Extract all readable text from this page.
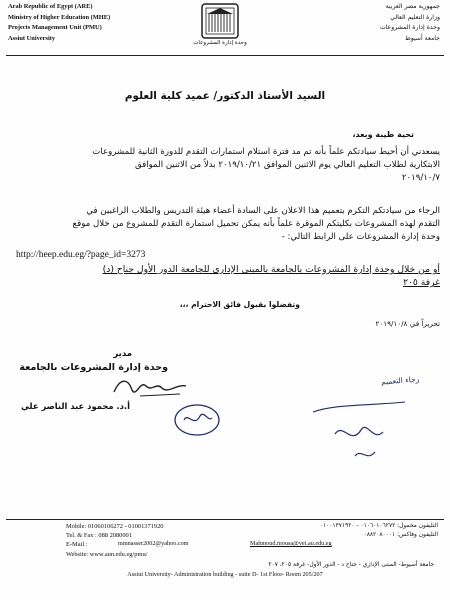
Arab Republic of Egypt (ARE)
Ministry of Higher Education (MHE)
Projects Management Unit (PMU)
Assiut University
وحدة إدارة المشروعات
جمهورية مصر العربية
وزارة التعليم العالي
وحدة إدارة المشروعات
جامعة أسيوط
السيد الأستاذ الدكتور/ عميد كلية العلوم
تحية طيبة وبعد،
يسعدني أن أحيط سيادتكم علماً بأنه تم مد فترة استلام استمارات التقدم للدورة الثانية للمشروعات
الابتكارية لطلاب التعليم العالي يوم الاثنين الموافق ٢٠١٩/١٠/٢١ بدلاً من الاثنين الموافق
٢٠١٩/١٠/٧
الرجاء من سيادتكم التكرم بتعميم هذا الاعلان على السادة أعضاء هيئة التدريس والطلاب الراغبين في
التقدم لهذه المشروعات بكليتكم الموقرة علماً بأنه يمكن تحميل استمارة التقدم للمشروع من خلال موقع
وحدة إدارة المشروعات على الرابط التالي: -
http://heep.edu.eg/?page_id=3273
أو من خلال وحدة إدارة المشروعات بالجامعة بالمبنى الإداري للجامعة الدور الأول جناح (د)
غرفة ٢٠٥
وتفضلوا بقبول فائق الاحترام ،،،
تحريراً في ٢٠١٩/١٠/٨
مدير
وحدة إدارة المشروعات بالجامعة
أ.د. محمود عبد الناصر علي
رجاء التعميم
Mobile: 01060106272 - 01001371920
Tel. & Fax : 088 2080001
E-Mail :	mmnasser2002@yahoo.com	Mahmoud.mousa@vet.au.edu.eg
Website: www.aun.edu.eg/pmu/
التليفون محمول: ٠١٠٦٠١٠٦٢٧٢ - ٠١٠٠١٣٧١٩٢٠
التليفون وفاكس: ٠٨٨٢٠٨٠٠٠١
جامعة أسيوط- المبنى الإداري - جناح د - الدور الأول- غرفة ٢٠٥، ٢٠٧
Assiut University- Administration building - suite D- 1st Floor- Room 205/207
